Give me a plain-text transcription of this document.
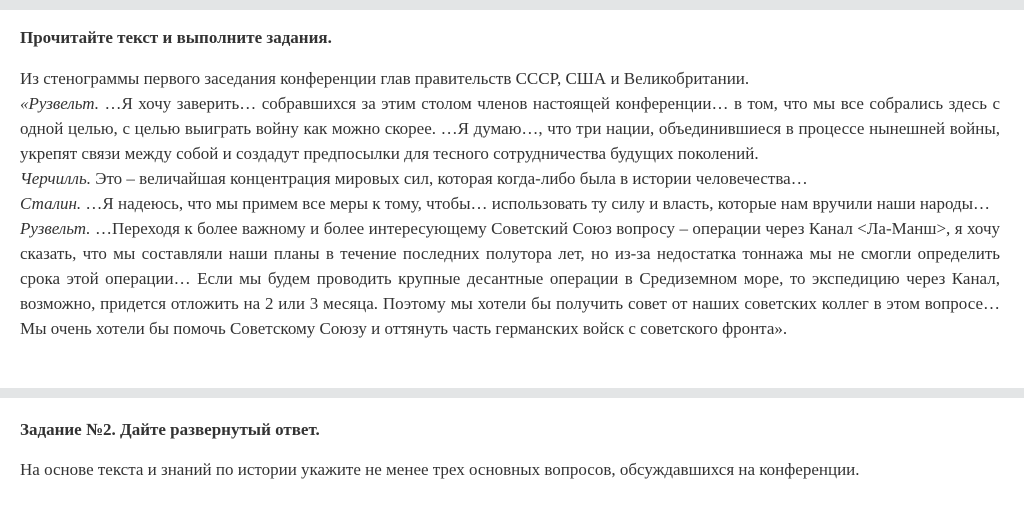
Прочитайте текст и выполните задания.

Из стенограммы первого заседания конференции глав правительств СССР, США и Великобритании.

«Рузвельт. …Я хочу заверить… собравшихся за этим столом членов настоящей конференции… в том, что мы все собрались здесь с одной целью, с целью выиграть войну как можно скорее. …Я думаю…, что три нации, объединившиеся в процессе нынешней войны, укрепят связи между собой и создадут предпосылки для тесного сотрудничества будущих поколений.

Черчилль. Это – величайшая концентрация мировых сил, которая когда-либо была в истории человечества…

Сталин. …Я надеюсь, что мы примем все меры к тому, чтобы… использовать ту силу и власть, которые нам вручили наши народы…

Рузвельт. …Переходя к более важному и более интересующему Советский Союз вопросу – операции через Канал <Ла-Манш>, я хочу сказать, что мы составляли наши планы в течение последних полутора лет, но из-за недостатка тоннажа мы не смогли определить срока этой операции… Если мы будем проводить крупные десантные операции в Средиземном море, то экспедицию через Канал, возможно, придется отложить на 2 или 3 месяца. Поэтому мы хотели бы получить совет от наших советских коллег в этом вопросе… Мы очень хотели бы помочь Советскому Союзу и оттянуть часть германских войск с советского фронта».

Задание №2. Дайте развернутый ответ.

На основе текста и знаний по истории укажите не менее трех основных вопросов, обсуждавшихся на конференции.
